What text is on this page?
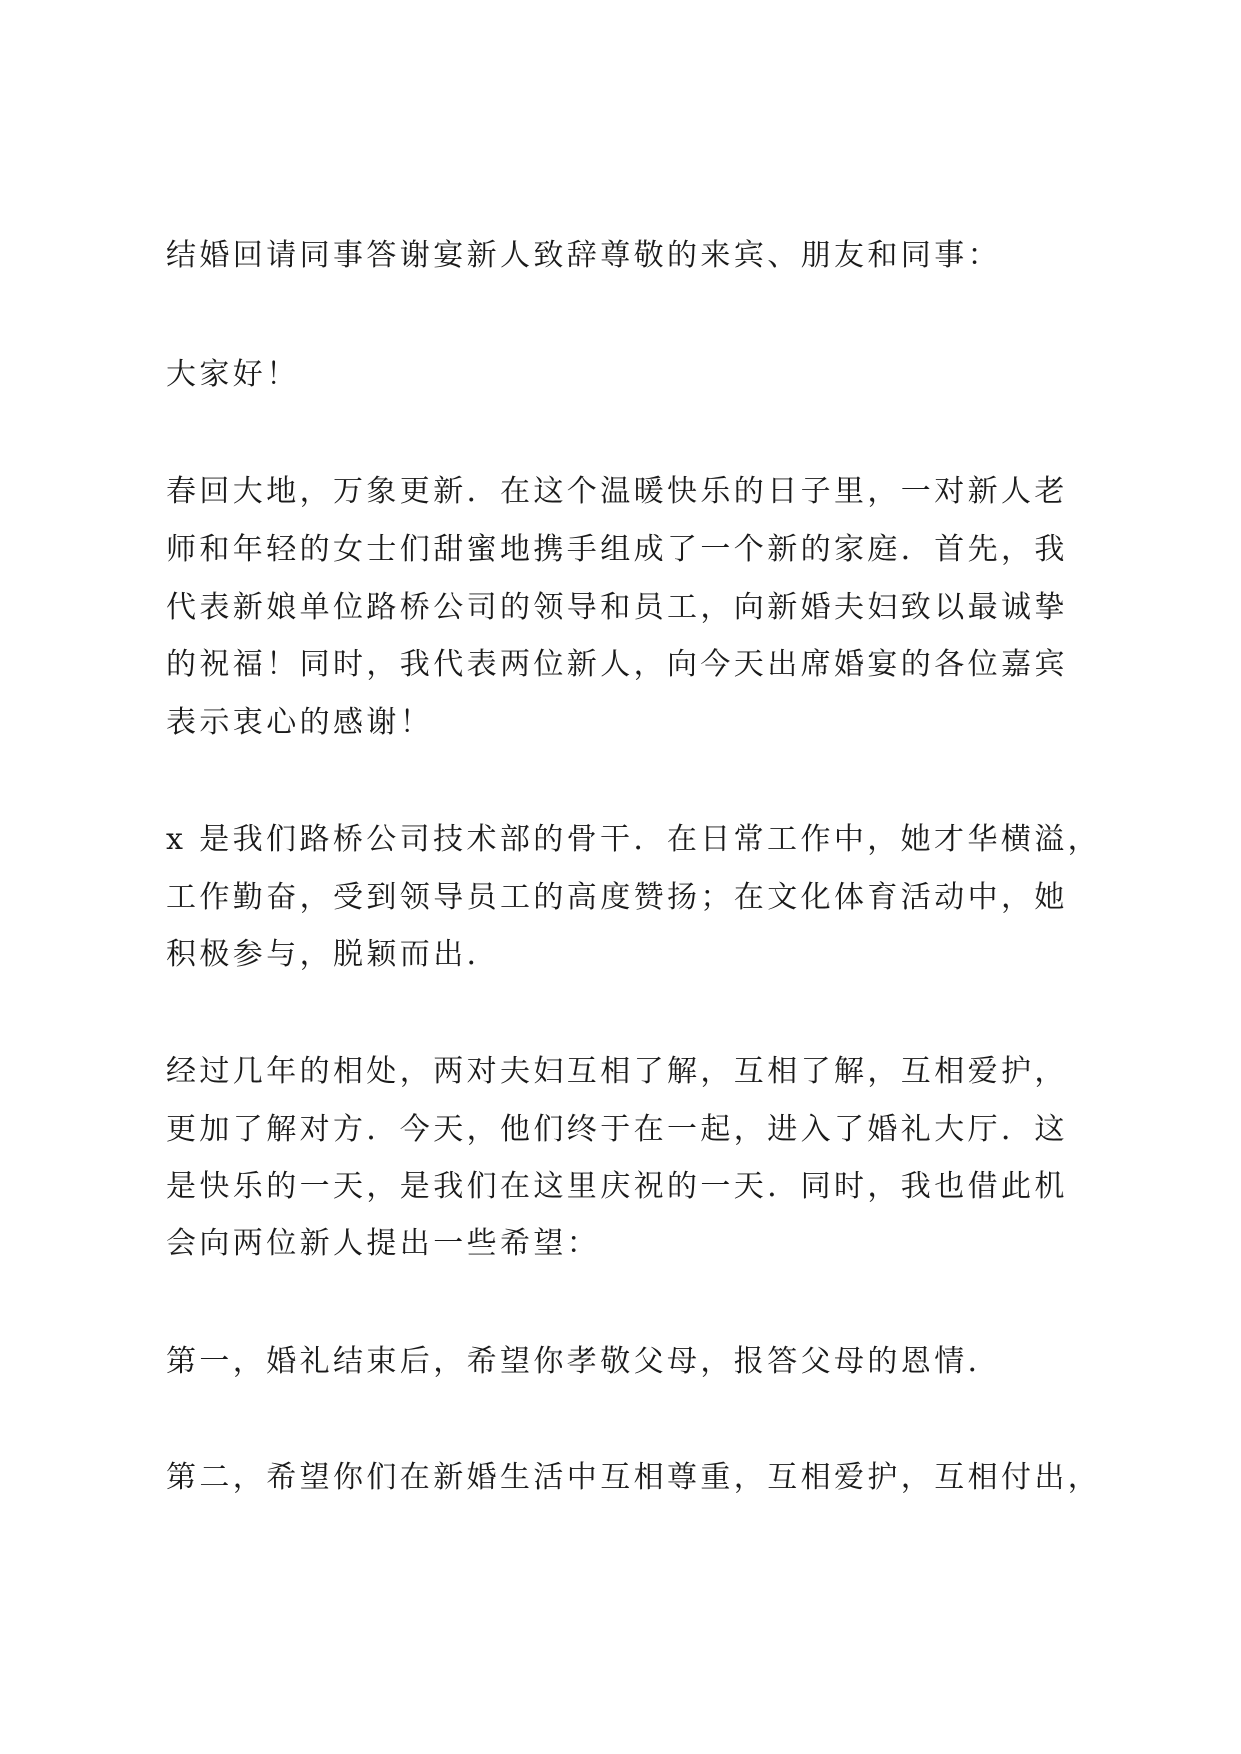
结婚回请同事答谢宴新人致辞尊敬的来宾、朋友和同事：
大家好！
春回大地，万象更新．在这个温暖快乐的日子里，一对新人老
师和年轻的女士们甜蜜地携手组成了一个新的家庭．首先，我
代表新娘单位路桥公司的领导和员工，向新婚夫妇致以最诚挚
的祝福！同时，我代表两位新人，向今天出席婚宴的各位嘉宾
表示衷心的感谢！
x 是我们路桥公司技术部的骨干．在日常工作中，她才华横溢，
工作勤奋，受到领导员工的高度赞扬；在文化体育活动中，她
积极参与，脱颖而出．
经过几年的相处，两对夫妇互相了解，互相了解，互相爱护，
更加了解对方．今天，他们终于在一起，进入了婚礼大厅．这
是快乐的一天，是我们在这里庆祝的一天．同时，我也借此机
会向两位新人提出一些希望：
第一，婚礼结束后，希望你孝敬父母，报答父母的恩情．
第二，希望你们在新婚生活中互相尊重，互相爱护，互相付出，
